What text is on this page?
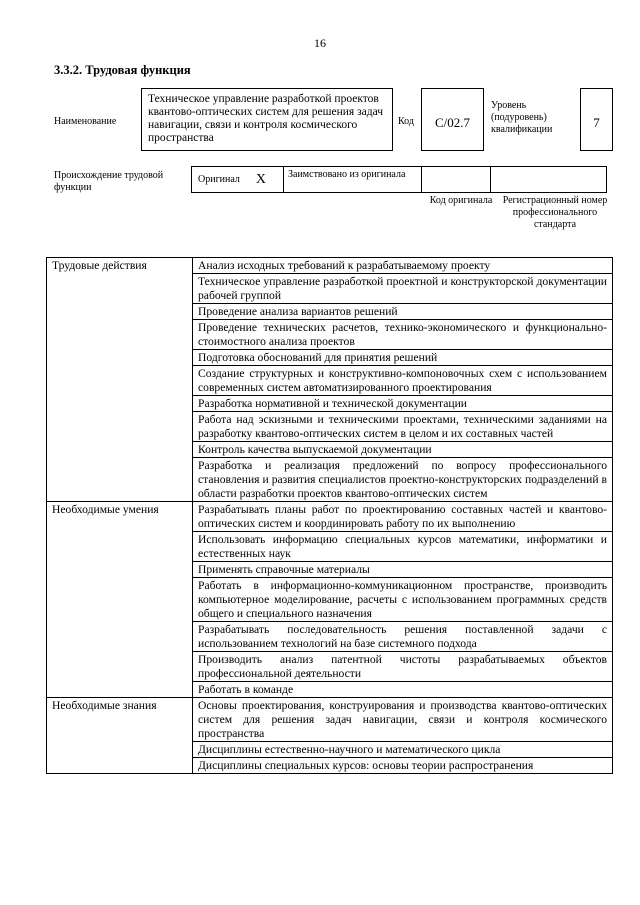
16
3.3.2. Трудовая функция
Наименование
Техническое управление разработкой проектов квантово-оптических систем для решения задач навигации, связи и контроля космического пространства
Код	C/02.7
Уровень (подуровень) квалификации	7
Происхождение трудовой функции
Оригинал X	Заимствовано из оригинала
Код оригинала	Регистрационный номер профессионального стандарта
Трудовые действия	Анализ исходных требований к разрабатываемому проекту
	Техническое управление разработкой проектной и конструкторской документации рабочей группой
	Проведение анализа вариантов решений
	Проведение технических расчетов, технико-экономического и функционально-стоимостного анализа проектов
	Подготовка обоснований для принятия решений
	Создание структурных и конструктивно-компоновочных схем с использованием современных систем автоматизированного проектирования
	Разработка нормативной и технической документации
	Работа над эскизными и техническими проектами, техническими заданиями на разработку квантово-оптических систем в целом и их составных частей
	Контроль качества выпускаемой документации
	Разработка и реализация предложений по вопросу профессионального становления и развития специалистов проектно-конструкторских подразделений в области разработки проектов квантово-оптических систем
Необходимые умения	Разрабатывать планы работ по проектированию составных частей и квантово-оптических систем и координировать работу по их выполнению
	Использовать информацию специальных курсов математики, информатики и естественных наук
	Применять справочные материалы
	Работать в информационно-коммуникационном пространстве, производить компьютерное моделирование, расчеты с использованием программных средств общего и специального назначения
	Разрабатывать последовательность решения поставленной задачи с использованием технологий на базе системного подхода
	Производить анализ патентной чистоты разрабатываемых объектов профессиональной деятельности
	Работать в команде
Необходимые знания	Основы проектирования, конструирования и производства квантово-оптических систем для решения задач навигации, связи и контроля космического пространства
	Дисциплины естественно-научного и математического цикла
	Дисциплины специальных курсов: основы теории распространения
